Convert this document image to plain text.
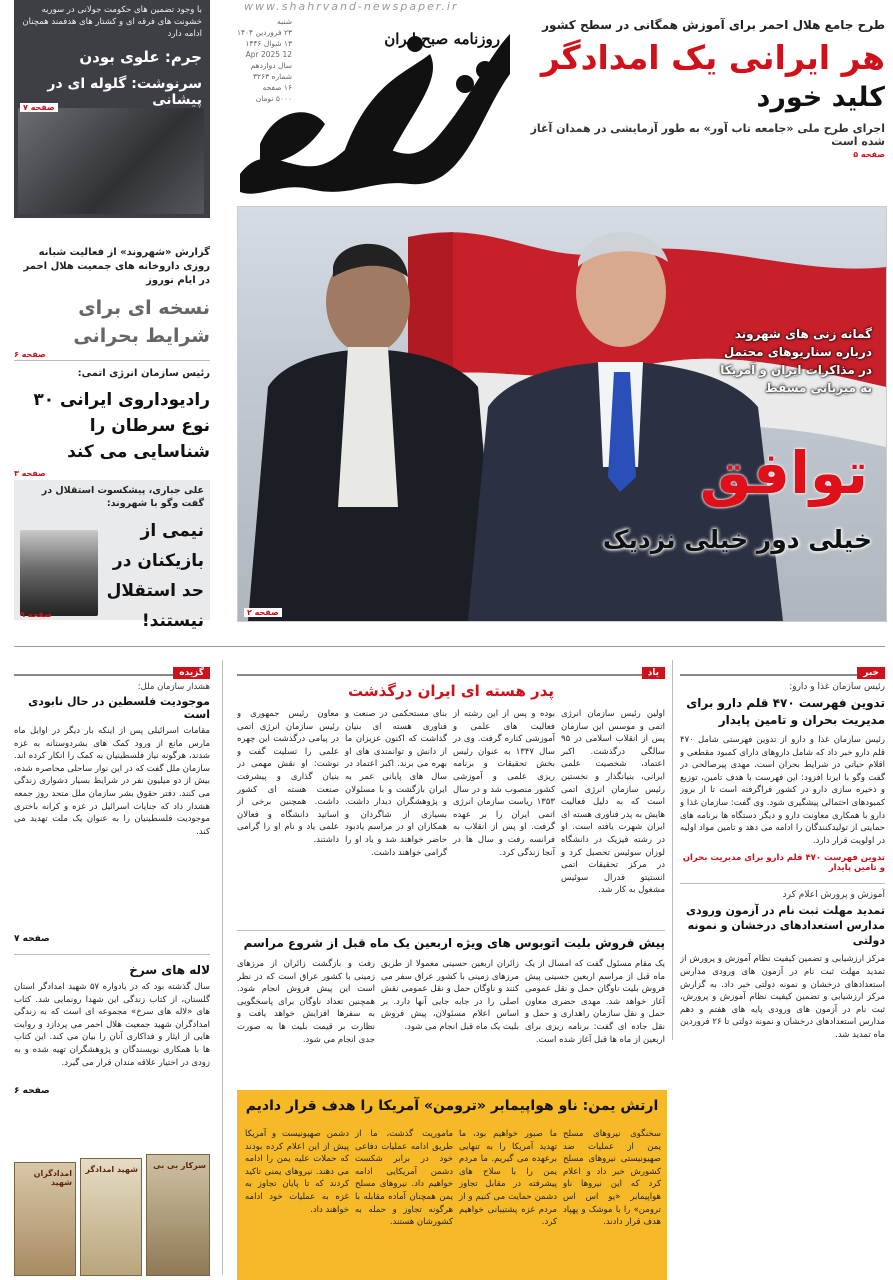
www.shahrvand-newspaper.ir
روزنامه صبح ایران
شنبه
۲۳ فروردین ۱۴۰۴
۱۳ شوال ۱۴۴۶
12 Apr 2025
سال دوازدهم
شماره ۳۲۶۳
۱۶ صفحه
۵۰۰۰ تومان
طرح جامع هلال احمر برای آموزش همگانی در سطح کشور
هر ایرانی یک امدادگر
کلید خورد
اجرای طرح ملی «جامعه تاب آور» به طور آزمایشی در همدان آغاز شده است
صفحه ۵
گمانه زنی های شهروند
درباره سناریوهای محتمل
در مذاکرات ایران و آمریکا
به میزبانی مسقط
توافق
خیلی دور خیلی نزدیک
صفحه ۲
با وجود تضمین های حکومت جولانی در سوریه خشونت های فرقه ای و کشتار های هدفمند همچنان ادامه دارد
جرم: علوی بودن
سرنوشت: گلوله ای در پیشانی
صفحه ۷
گزارش «شهروند» از فعالیت شبانه روزی داروخانه های جمعیت هلال احمر در ایام نوروز
نسخه ای برای شرایط بحرانی
صفحه ۶
رئیس سازمان انرژی اتمی:
رادیوداروی ایرانی ۳۰ نوع سرطان را شناسایی می کند
صفحه ۳
علی جباری، پیشکسوت استقلال در گفت وگو با شهروند:
نیمی از بازیکنان در حد استقلال نیستند!
صفحه ۹
خبر
رئیس سازمان غذا و دارو:
تدوین فهرست ۴۷۰ قلم دارو برای مدیریت بحران و تامین پایدار
رئیس سازمان غذا و دارو از تدوین فهرستی شامل ۴۷۰ قلم دارو خبر داد که شامل داروهای دارای کمبود مقطعی و اقلام حیاتی در شرایط بحران است. مهدی پیرصالحی در گفت وگو با ایرنا افزود: این فهرست با هدف تامین، توزیع و ذخیره سازی دارو در کشور فراگرفته است تا از بروز کمبودهای احتمالی پیشگیری شود. وی گفت: سازمان غذا و دارو با همکاری معاونت دارو و دیگر دستگاه ها برنامه های حمایتی از تولیدکنندگان را ادامه می دهد و تامین مواد اولیه در اولویت قرار دارد.
تدوین فهرست ۴۷۰ قلم دارو برای مدیریت بحران و تامین پایدار
آموزش و پرورش اعلام کرد
تمدید مهلت ثبت نام در آزمون ورودی مدارس استعدادهای درخشان و نمونه دولتی
مرکز ارزشیابی و تضمین کیفیت نظام آموزش و پرورش از تمدید مهلت ثبت نام در آزمون های ورودی مدارس استعدادهای درخشان و نمونه دولتی خبر داد. به گزارش مرکز ارزشیابی و تضمین کیفیت نظام آموزش و پرورش، ثبت نام در آزمون های ورودی پایه های هفتم و دهم مدارس استعدادهای درخشان و نمونه دولتی تا ۲۶ فروردین ماه تمدید شد.
یاد
پدر هسته ای ایران درگذشت
اولین رئیس سازمان انرژی اتمی و موسس این سازمان پس از انقلاب اسلامی در ۹۵ سالگی درگذشت. اکبر اعتماد، شخصیت علمی ایرانی، بنیانگذار و نخستین رئیس سازمان انرژی اتمی است که به دلیل فعالیت هایش به پدر فناوری هسته ای ایران شهرت یافته است. او در رشته فیزیک در دانشگاه لوزان سوئیس تحصیل کرد و در مرکز تحقیقات اتمی انستیتو فدرال سوئیس مشغول به کار شد.
بوده و پس از این رشته از فعالیت های علمی و آموزشی کناره گرفت. وی در سال ۱۳۴۷ به عنوان رئیس بخش تحقیقات و برنامه ریزی علمی و آموزشی کشور منصوب شد و در سال ۱۳۵۳ ریاست سازمان انرژی اتمی ایران را بر عهده گرفت. او پس از انقلاب به فرانسه رفت و سال ها در آنجا زندگی کرد.
بنای مستحکمی در صنعت و فناوری هسته ای بنیان گذاشت که اکنون عزیزان ما از دانش و توانمندی های او بهره می برند. اکبر اعتماد در سال های پایانی عمر به ایران بازگشت و با مسئولان و پژوهشگران دیدار داشت. بسیاری از شاگردان و همکاران او در مراسم یادبود حاضر خواهند شد و یاد او را گرامی خواهند داشت.
معاون رئیس جمهوری و رئیس سازمان انرژی اتمی در پیامی درگذشت این چهره علمی را تسلیت گفت و نوشت: او نقش مهمی در بنیان گذاری و پیشرفت صنعت هسته ای کشور داشت. همچنین برخی از اساتید دانشگاه و فعالان علمی یاد و نام او را گرامی داشتند.
پیش فروش بلیت اتوبوس های ویژه اربعین یک ماه قبل از شروع مراسم
یک مقام مسئول گفت که امسال از یک ماه قبل از مراسم اربعین حسینی پیش فروش بلیت ناوگان حمل و نقل عمومی آغاز خواهد شد. مهدی حضری معاون حمل و نقل سازمان راهداری و حمل و نقل جاده ای گفت: برنامه ریزی برای اربعین از ماه ها قبل آغاز شده است.
زائران اربعین حسینی معمولا از طریق مرزهای زمینی با کشور عراق سفر می کنند و ناوگان حمل و نقل عمومی نقش اصلی را در جابه جایی آنها دارد. بر اساس اعلام مسئولان، پیش فروش بلیت یک ماه قبل انجام می شود.
رفت و بازگشت زائران از مرزهای زمینی با کشور عراق است که در نظر است این پیش فروش انجام شود. همچنین تعداد ناوگان برای پاسخگویی به سفرها افزایش خواهد یافت و نظارت بر قیمت بلیت ها به صورت جدی انجام می شود.
ارتش یمن: ناو هواپیمابر «ترومن» آمریکا را هدف قرار دادیم
سخنگوی نیروهای مسلح یمن از عملیات ضد صهیونیستی نیروهای مسلح کشورش خبر داد و اعلام کرد که این نیروها ناو هواپیمابر «یو اس اس ترومن» را با موشک و پهپاد هدف قرار دادند.
ما صبور خواهیم بود، ما تهدید آمریکا را به تنهایی برعهده می گیریم. ما مردم یمن را با سلاح های پیشرفته در مقابل تجاوز دشمن حمایت می کنیم و از مردم غزه پشتیبانی خواهیم کرد.
ماموریت گذشت، ما از طریق ادامه عملیات دفاعی خود در برابر شکست دشمن آمریکایی ادامه خواهیم داد. نیروهای مسلح یمن همچنان آماده مقابله با هرگونه تجاوز و حمله به کشورشان هستند.
دشمن صهیونیست و آمریکا پیش از این اعلام کرده بودند که حملات علیه یمن را ادامه می دهند. نیروهای یمنی تاکید کردند که تا پایان تجاوز به غزه به عملیات خود ادامه خواهند داد.
گزیده
هشدار سازمان ملل:
موجودیت فلسطین در حال نابودی است
مقامات اسرائیلی پس از اینکه بار دیگر در اوایل ماه مارس مانع از ورود کمک های بشردوستانه به غزه شدند، هرگونه نیاز فلسطینیان به کمک را انکار کرده اند. سازمان ملل گفت که در این نوار ساحلی محاصره شده، بیش از دو میلیون نفر در شرایط بسیار دشواری زندگی می کنند. دفتر حقوق بشر سازمان ملل متحد روز جمعه هشدار داد که جنایات اسرائیل در غزه و کرانه باختری موجودیت فلسطینیان را به عنوان یک ملت تهدید می کند.
صفحه ۷
لاله های سرخ
سال گذشته بود که در یادواره ۵۷ شهید امدادگر استان گلستان، از کتاب زندگی این شهدا رونمایی شد. کتاب های «لاله های سرخ» مجموعه ای است که به زندگی امدادگران شهید جمعیت هلال احمر می پردازد و روایت هایی از ایثار و فداکاری آنان را بیان می کند. این کتاب ها با همکاری نویسندگان و پژوهشگران تهیه شده و به زودی در اختیار علاقه مندان قرار می گیرد.
صفحه ۶
امدادگران شهید
شهید امدادگر	سرکار بی بی
